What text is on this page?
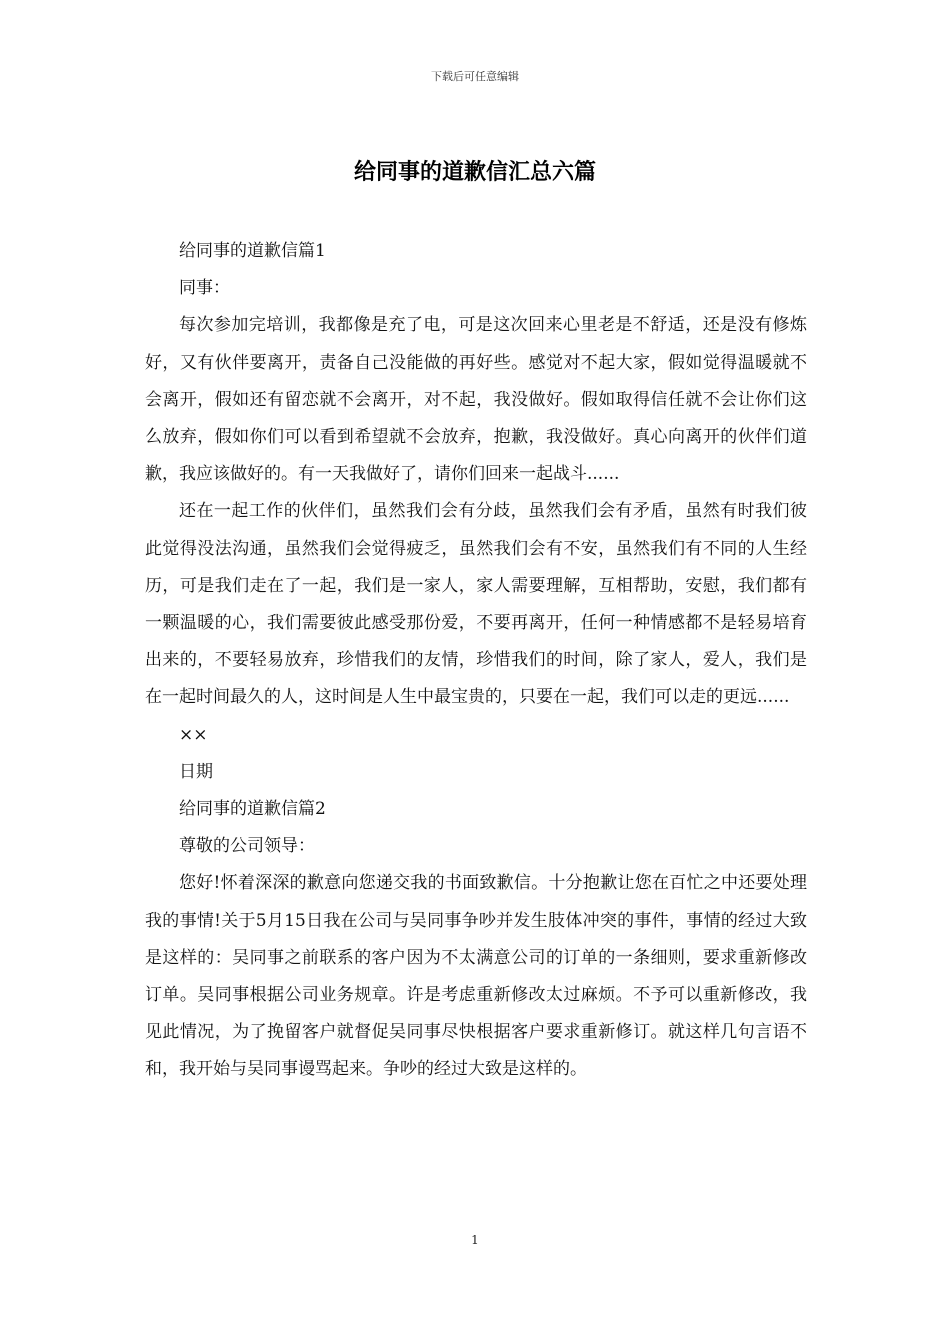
下载后可任意编辑
给同事的道歉信汇总六篇

给同事的道歉信篇1

同事：

每次参加完培训，我都像是充了电，可是这次回来心里老是不舒适，还是没有修炼好，又有伙伴要离开，责备自己没能做的再好些。感觉对不起大家，假如觉得温暖就不会离开，假如还有留恋就不会离开，对不起，我没做好。假如取得信任就不会让你们这么放弃，假如你们可以看到希望就不会放弃，抱歉，我没做好。真心向离开的伙伴们道歉，我应该做好的。有一天我做好了，请你们回来一起战斗......

还在一起工作的伙伴们，虽然我们会有分歧，虽然我们会有矛盾，虽然有时我们彼此觉得没法沟通，虽然我们会觉得疲乏，虽然我们会有不安，虽然我们有不同的人生经历，可是我们走在了一起，我们是一家人，家人需要理解，互相帮助，安慰，我们都有一颗温暖的心，我们需要彼此感受那份爱，不要再离开，任何一种情感都不是轻易培育出来的，不要轻易放弃，珍惜我们的友情，珍惜我们的时间，除了家人，爱人，我们是在一起时间最久的人，这时间是人生中最宝贵的，只要在一起，我们可以走的更远......

××

日期

给同事的道歉信篇2

尊敬的公司领导：

您好!怀着深深的歉意向您递交我的书面致歉信。十分抱歉让您在百忙之中还要处理我的事情!关于5月15日我在公司与吴同事争吵并发生肢体冲突的事件，事情的经过大致是这样的：吴同事之前联系的客户因为不太满意公司的订单的一条细则，要求重新修改订单。吴同事根据公司业务规章。许是考虑重新修改太过麻烦。不予可以重新修改，我见此情况，为了挽留客户就督促吴同事尽快根据客户要求重新修订。就这样几句言语不和，我开始与吴同事谩骂起来。争吵的经过大致是这样的。

1
